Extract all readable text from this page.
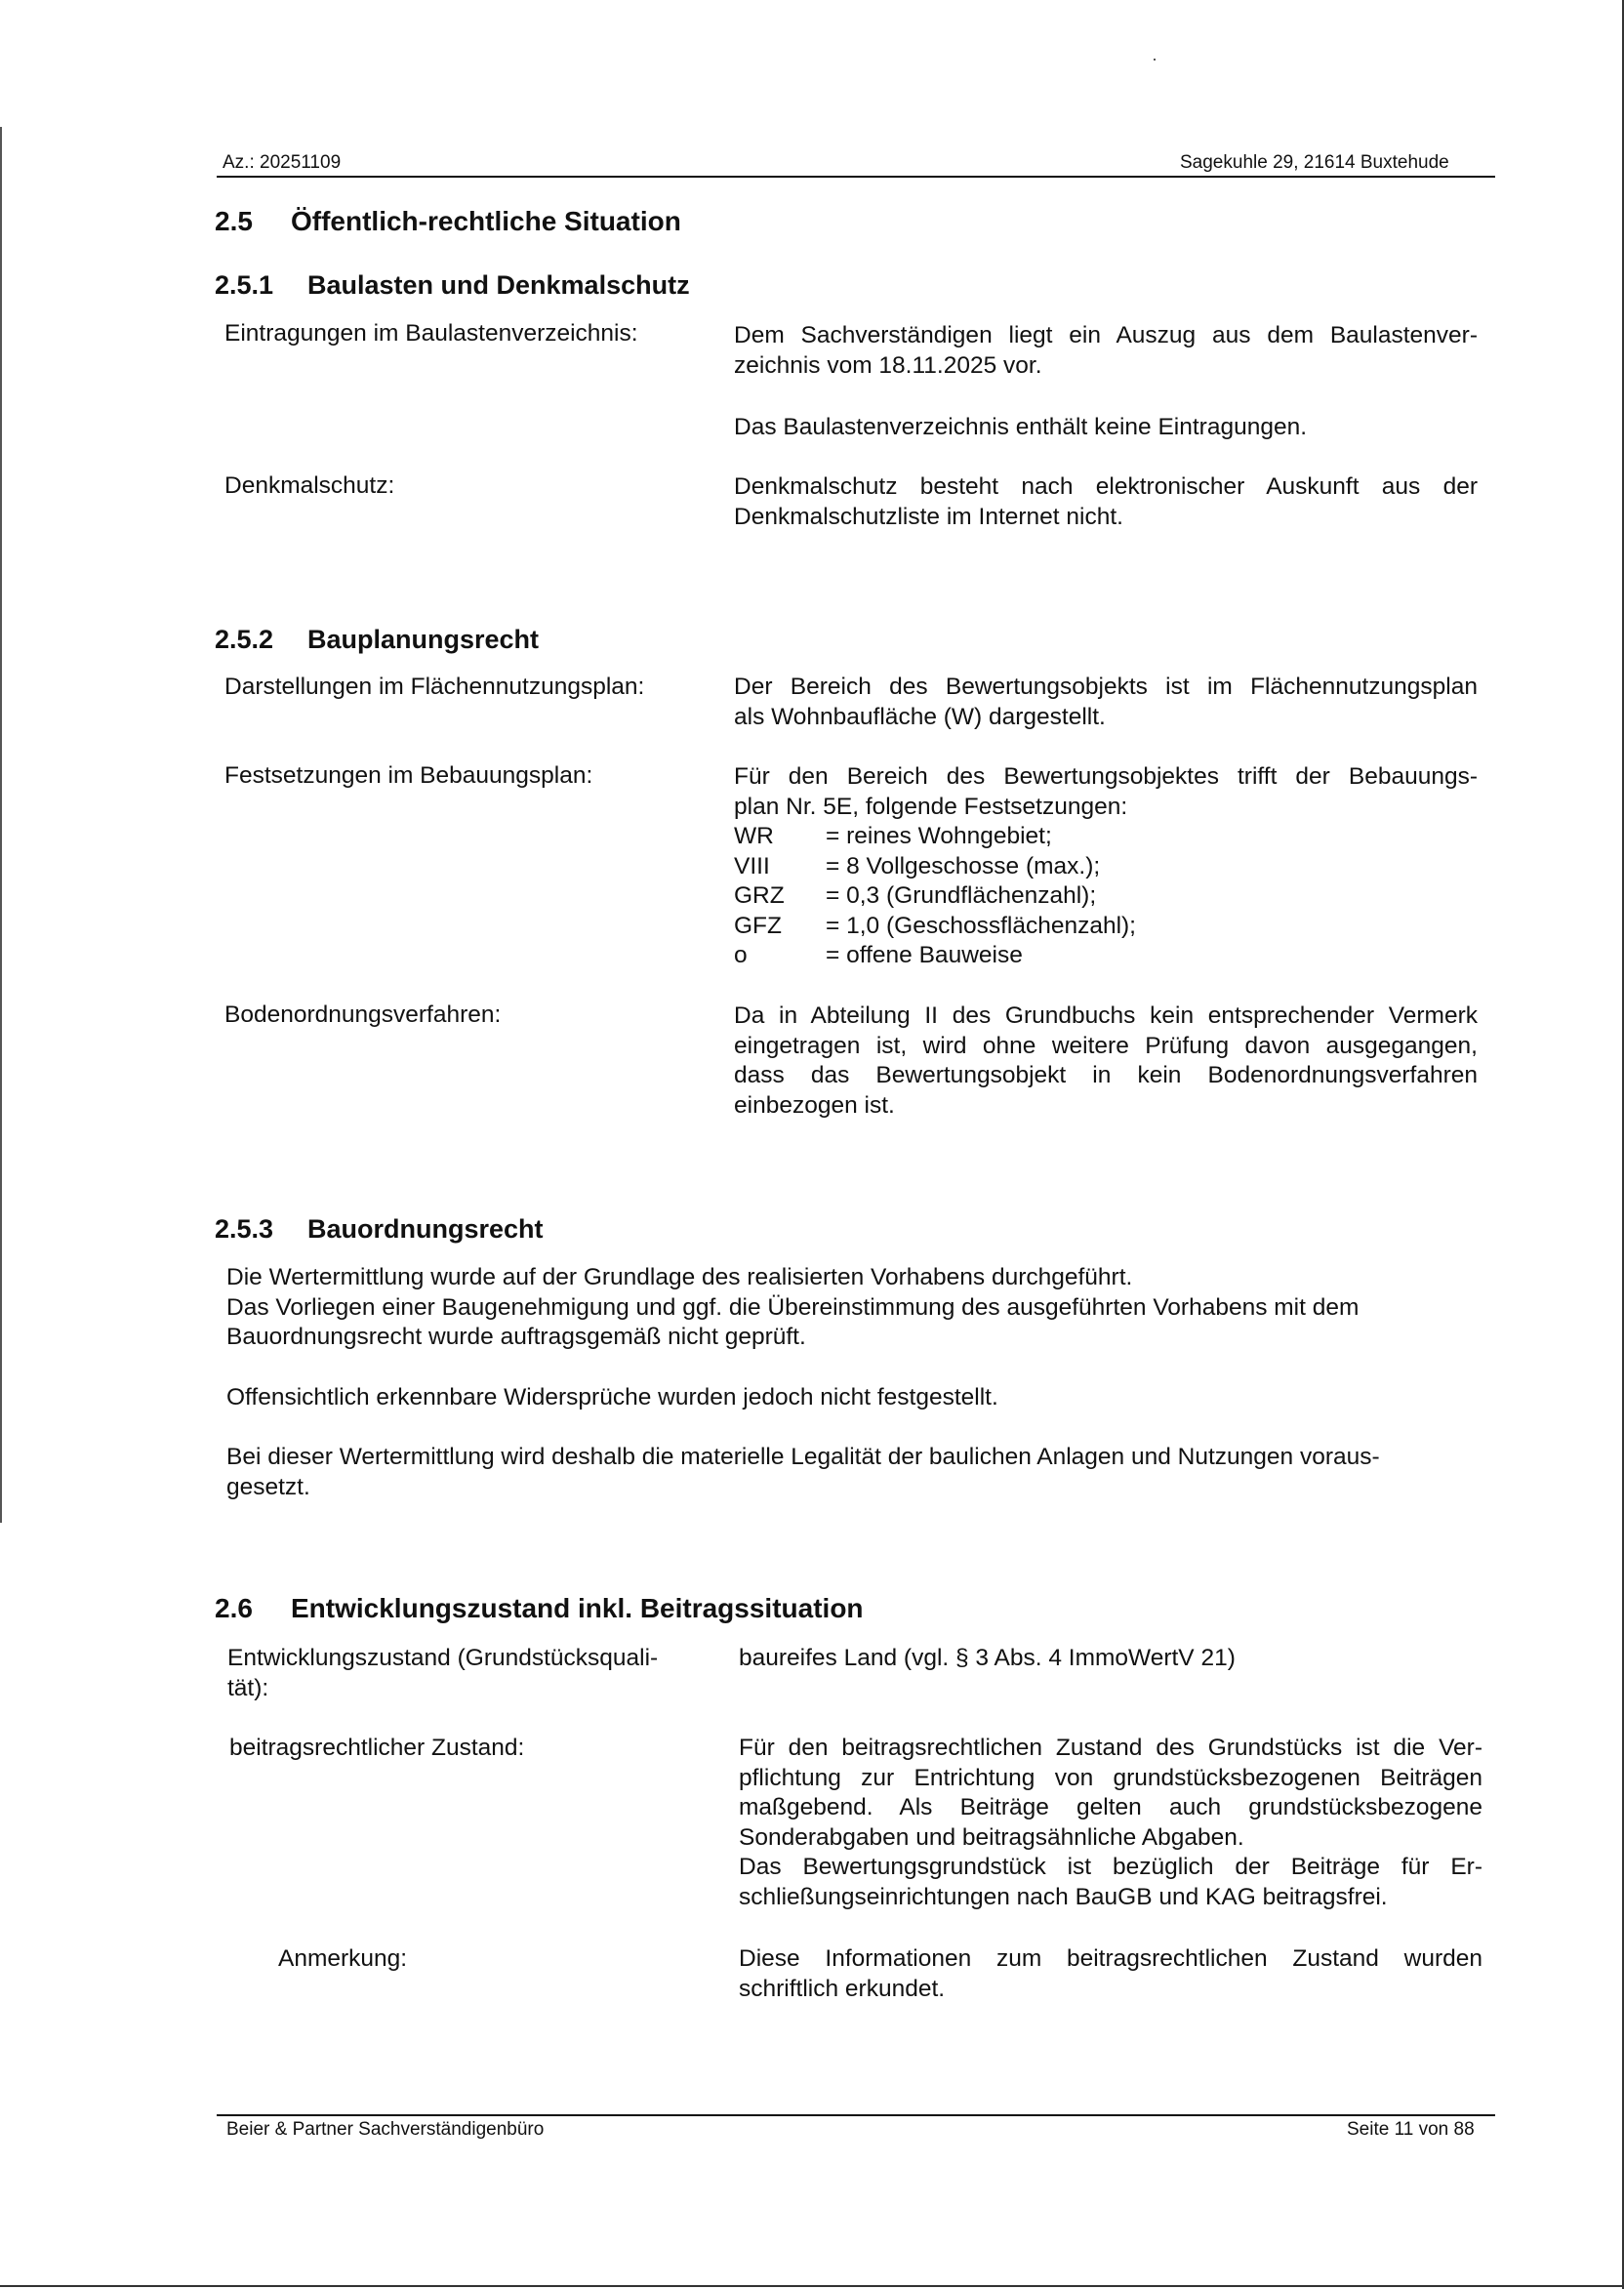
Az.: 20251109	Sagekuhle 29, 21614 Buxtehude
2.5 Öffentlich-rechtliche Situation
2.5.1 Baulasten und Denkmalschutz
Eintragungen im Baulastenverzeichnis:	Dem Sachverständigen liegt ein Auszug aus dem Baulastenver-
zeichnis vom 18.11.2025 vor.
Das Baulastenverzeichnis enthält keine Eintragungen.
Denkmalschutz:	Denkmalschutz besteht nach elektronischer Auskunft aus der
Denkmalschutzliste im Internet nicht.
2.5.2 Bauplanungsrecht
Darstellungen im Flächennutzungsplan:	Der Bereich des Bewertungsobjekts ist im Flächennutzungsplan
als Wohnbaufläche (W) dargestellt.
Festsetzungen im Bebauungsplan:	Für den Bereich des Bewertungsobjektes trifft der Bebauungs-
plan Nr. 5E, folgende Festsetzungen:
WR = reines Wohngebiet;
VIII = 8 Vollgeschosse (max.);
GRZ = 0,3 (Grundflächenzahl);
GFZ = 1,0 (Geschossflächenzahl);
o	= offene Bauweise
Bodenordnungsverfahren:	Da in Abteilung II des Grundbuchs kein entsprechender Vermerk
eingetragen ist, wird ohne weitere Prüfung davon ausgegangen,
dass das Bewertungsobjekt in kein Bodenordnungsverfahren
einbezogen ist.
2.5.3 Bauordnungsrecht
Die Wertermittlung wurde auf der Grundlage des realisierten Vorhabens durchgeführt.
Das Vorliegen einer Baugenehmigung und ggf. die Übereinstimmung des ausgeführten Vorhabens mit dem
Bauordnungsrecht wurde auftragsgemäß nicht geprüft.
Offensichtlich erkennbare Widersprüche wurden jedoch nicht festgestellt.
Bei dieser Wertermittlung wird deshalb die materielle Legalität der baulichen Anlagen und Nutzungen voraus-
gesetzt.
2.6 Entwicklungszustand inkl. Beitragssituation
Entwicklungszustand (Grundstücksquali-
tät):
baureifes Land (vgl. § 3 Abs. 4 ImmoWertV 21)
beitragsrechtlicher Zustand:	Für den beitragsrechtlichen Zustand des Grundstücks ist die Ver-
pflichtung zur Entrichtung von grundstücksbezogenen Beiträgen
maßgebend. Als Beiträge gelten auch grundstücksbezogene
Sonderabgaben und beitragsähnliche Abgaben.
Das Bewertungsgrundstück ist bezüglich der Beiträge für Er-
schließungseinrichtungen nach BauGB und KAG beitragsfrei.
Anmerkung:	Diese Informationen zum beitragsrechtlichen Zustand wurden
schriftlich erkundet.
Beier & Partner Sachverständigenbüro	Seite 11 von 88
